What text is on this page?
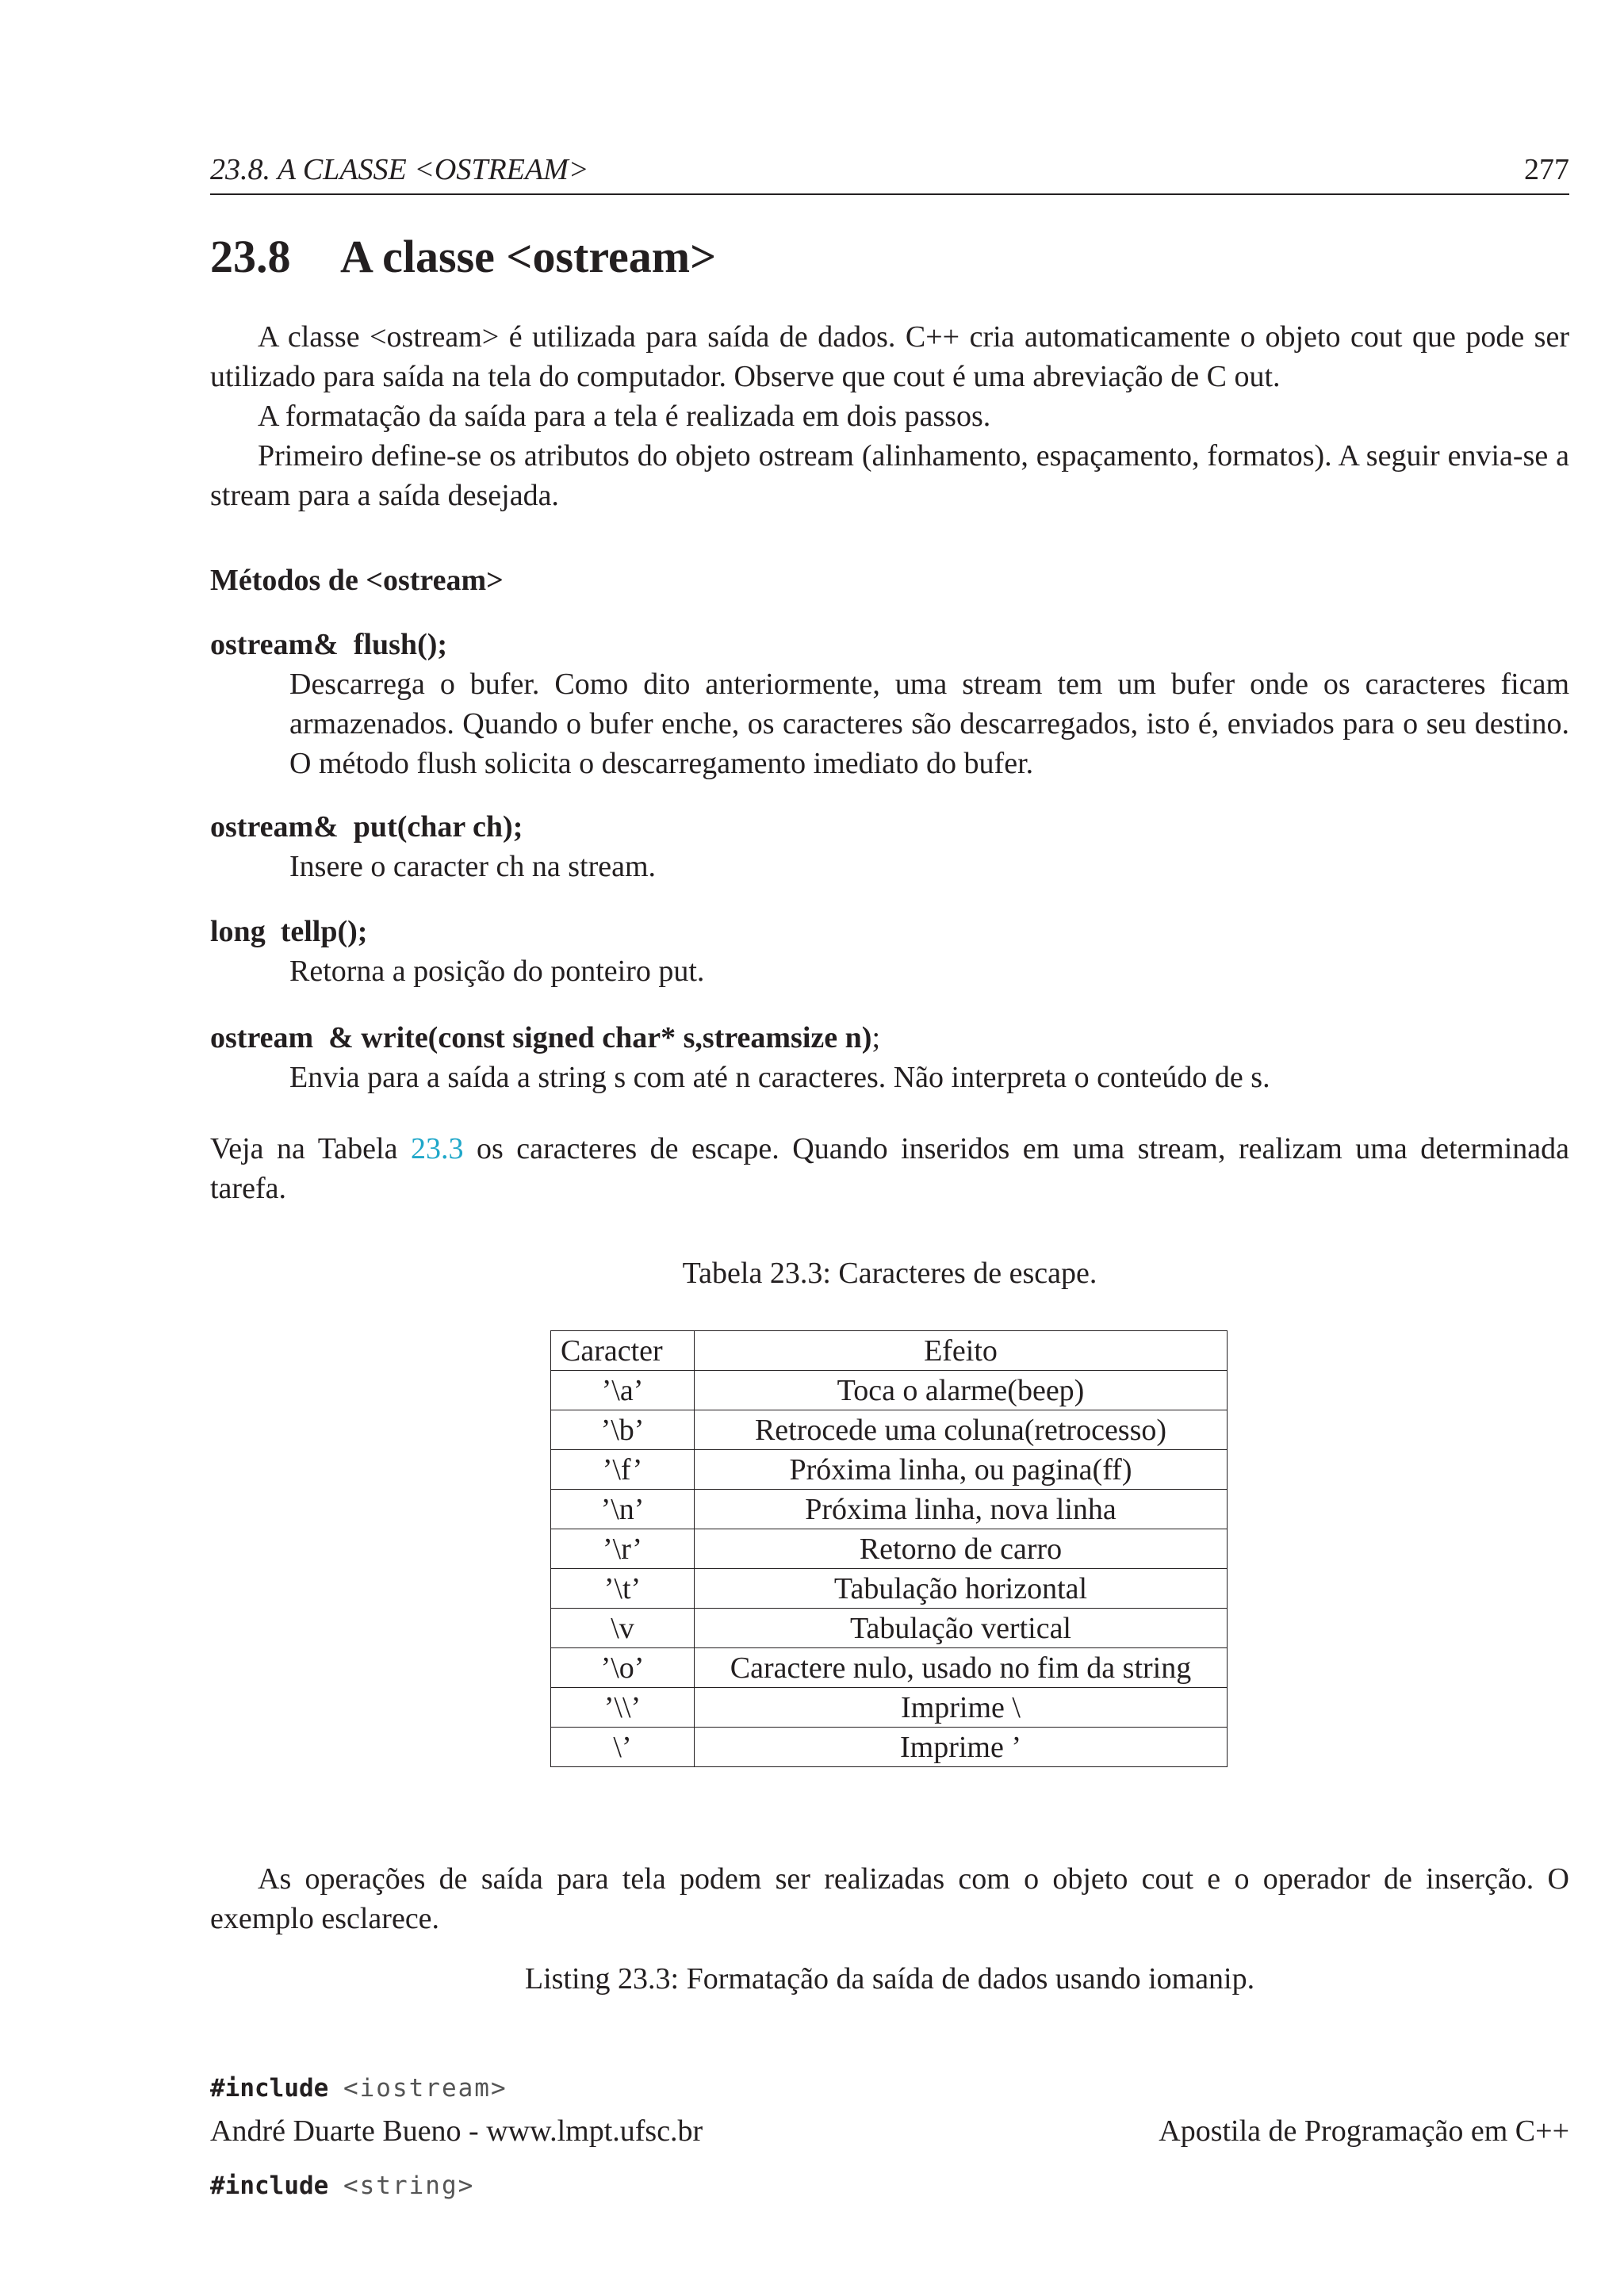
23.8. A CLASSE <OSTREAM>	277
23.8 A classe <ostream>
A classe <ostream> é utilizada para saída de dados. C++ cria automaticamente o objeto cout que pode ser utilizado para saída na tela do computador. Observe que cout é uma abreviação de C out.
A formatação da saída para a tela é realizada em dois passos.
Primeiro define-se os atributos do objeto ostream (alinhamento, espaçamento, formatos). A seguir envia-se a stream para a saída desejada.
Métodos de <ostream>
ostream&  flush();
Descarrega o bufer. Como dito anteriormente, uma stream tem um bufer onde os caracteres ficam armazenados. Quando o bufer enche, os caracteres são descarregados, isto é, enviados para o seu destino. O método flush solicita o descarregamento imediato do bufer.
ostream&  put(char ch);
Insere o caracter ch na stream.
long  tellp();
Retorna a posição do ponteiro put.
ostream  & write(const signed char* s,streamsize n);
Envia para a saída a string s com até n caracteres. Não interpreta o conteúdo de s.
Veja na Tabela 23.3 os caracteres de escape. Quando inseridos em uma stream, realizam uma determinada tarefa.
Tabela 23.3: Caracteres de escape.
Caracter	Efeito
’\a’	Toca o alarme(beep)
’\b’	Retrocede uma coluna(retrocesso)
’\f’	Próxima linha, ou pagina(ff)
’\n’	Próxima linha, nova linha
’\r’	Retorno de carro
’\t’	Tabulação horizontal
\v	Tabulação vertical
’\o’	Caractere nulo, usado no fim da string
’\\’	Imprime \
\’	Imprime ’
As operações de saída para tela podem ser realizadas com o objeto cout e o operador de inserção. O exemplo esclarece.
Listing 23.3: Formatação da saída de dados usando iomanip.

#include <iostream>

#include <string>

André Duarte Bueno - www.lmpt.ufsc.br	Apostila de Programação em C++
